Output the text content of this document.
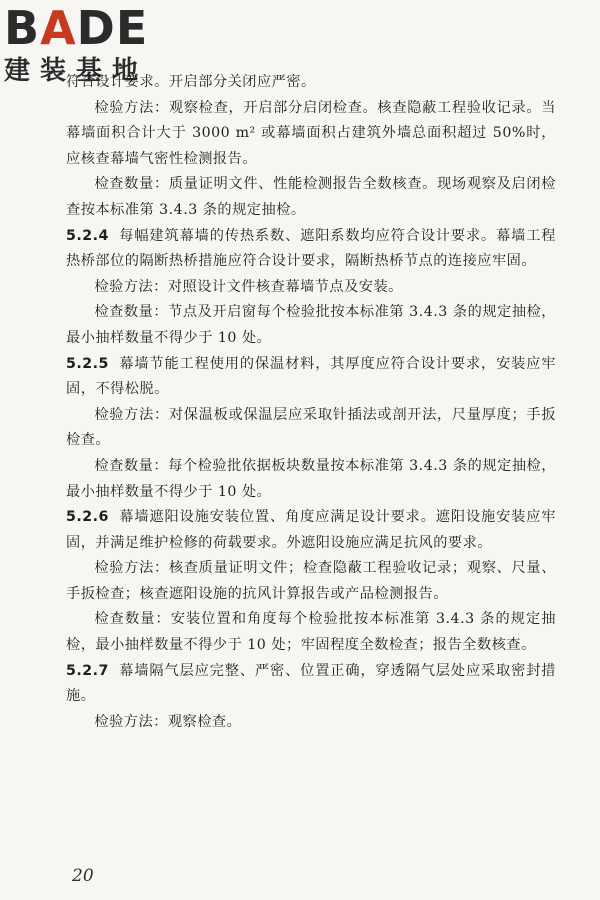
BADE
建装基地

符合设计要求。开启部分关闭应严密。

检验方法：观察检查，开启部分启闭检查。核查隐蔽工程验收记录。当幕墙面积合计大于 3000 m² 或幕墙面积占建筑外墙总面积超过 50%时，应核查幕墙气密性检测报告。

检查数量：质量证明文件、性能检测报告全数核查。现场观察及启闭检查按本标准第 3.4.3 条的规定抽检。

5.2.4 每幅建筑幕墙的传热系数、遮阳系数均应符合设计要求。幕墙工程热桥部位的隔断热桥措施应符合设计要求，隔断热桥节点的连接应牢固。

检验方法：对照设计文件核查幕墙节点及安装。

检查数量：节点及开启窗每个检验批按本标准第 3.4.3 条的规定抽检，最小抽样数量不得少于 10 处。

5.2.5 幕墙节能工程使用的保温材料，其厚度应符合设计要求，安装应牢固，不得松脱。

检验方法：对保温板或保温层应采取针插法或剖开法，尺量厚度；手扳检查。

检查数量：每个检验批依据板块数量按本标准第 3.4.3 条的规定抽检，最小抽样数量不得少于 10 处。

5.2.6 幕墙遮阳设施安装位置、角度应满足设计要求。遮阳设施安装应牢固，并满足维护检修的荷载要求。外遮阳设施应满足抗风的要求。

检验方法：核查质量证明文件；检查隐蔽工程验收记录；观察、尺量、手扳检查；核查遮阳设施的抗风计算报告或产品检测报告。

检查数量：安装位置和角度每个检验批按本标准第 3.4.3 条的规定抽检，最小抽样数量不得少于 10 处；牢固程度全数检查；报告全数核查。

5.2.7 幕墙隔气层应完整、严密、位置正确，穿透隔气层处应采取密封措施。

检验方法：观察检查。

20
